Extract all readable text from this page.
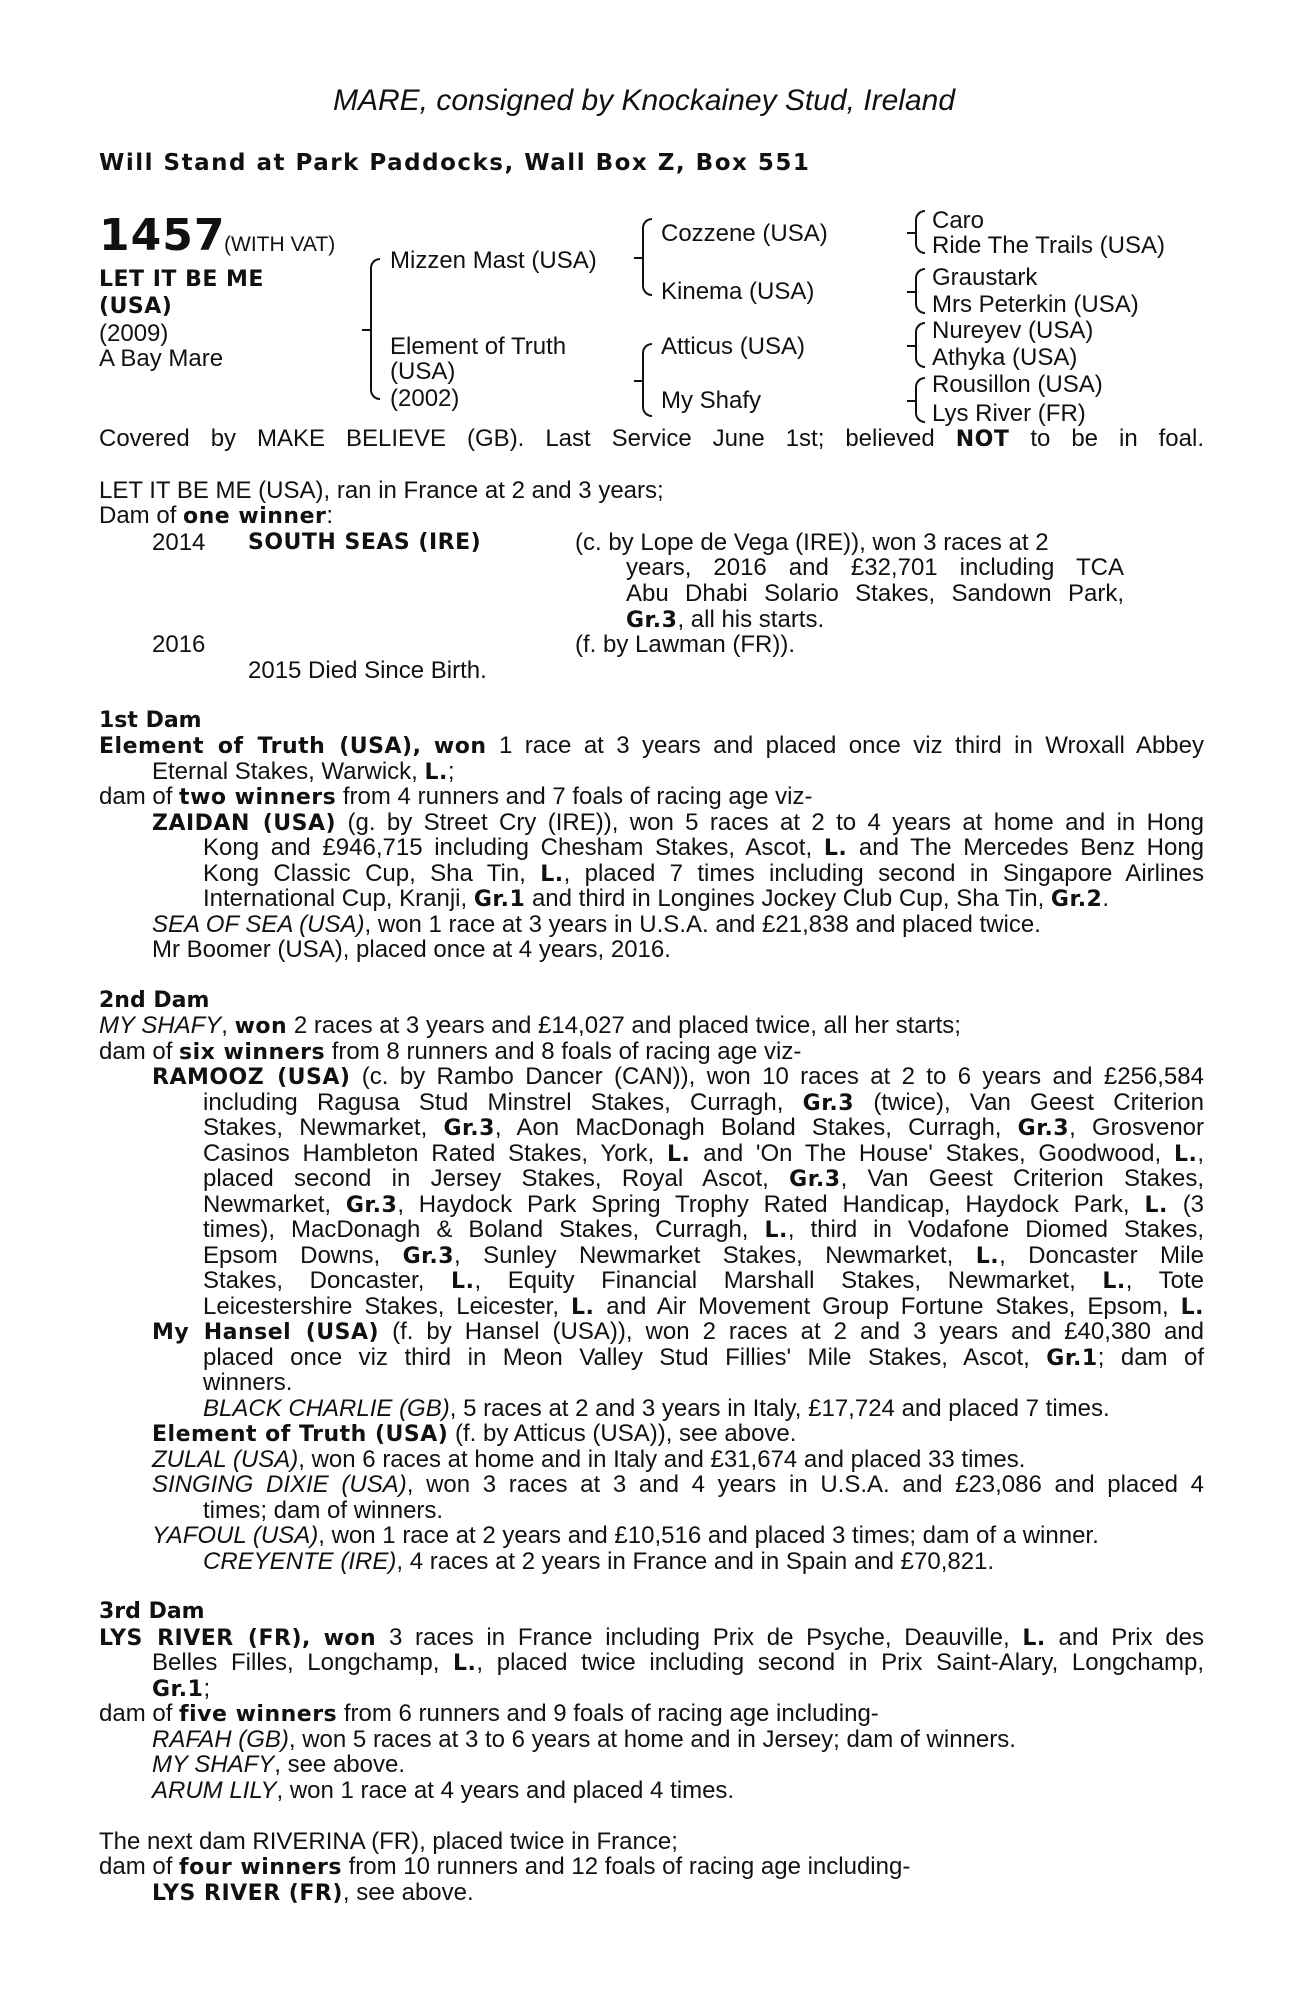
MARE, consigned by Knockainey Stud, Ireland
Will Stand at Park Paddocks, Wall Box Z, Box 551
1457
(WITH VAT)
LET IT BE ME
(USA)
(2009)
A Bay Mare
Mizzen Mast (USA)
Element of Truth
(USA)
(2002)
Cozzene (USA)
Kinema (USA)
Atticus (USA)
My Shafy
Caro
Ride The Trails (USA)
Graustark
Mrs Peterkin (USA)
Nureyev (USA)
Athyka (USA)
Rousillon (USA)
Lys River (FR)
Covered by MAKE BELIEVE (GB). Last Service June 1st; believed NOT to be in foal.
LET IT BE ME (USA), ran in France at 2 and 3 years;
Dam of one winner:
2014 SOUTH SEAS (IRE)	(c. by Lope de Vega (IRE)), won 3 races at 2
years, 2016 and £32,701 including TCA
Abu Dhabi Solario Stakes, Sandown Park,
Gr.3, all his starts.
2016	(f. by Lawman (FR)).
2015 Died Since Birth.
1st Dam
Element of Truth (USA), won 1 race at 3 years and placed once viz third in Wroxall Abbey
Eternal Stakes, Warwick, L.;
dam of two winners from 4 runners and 7 foals of racing age viz-
ZAIDAN (USA) (g. by Street Cry (IRE)), won 5 races at 2 to 4 years at home and in Hong
Kong and £946,715 including Chesham Stakes, Ascot, L. and The Mercedes Benz Hong
Kong Classic Cup, Sha Tin, L., placed 7 times including second in Singapore Airlines
International Cup, Kranji, Gr.1 and third in Longines Jockey Club Cup, Sha Tin, Gr.2.
SEA OF SEA (USA), won 1 race at 3 years in U.S.A. and £21,838 and placed twice.
Mr Boomer (USA), placed once at 4 years, 2016.
2nd Dam
MY SHAFY, won 2 races at 3 years and £14,027 and placed twice, all her starts;
dam of six winners from 8 runners and 8 foals of racing age viz-
RAMOOZ (USA) (c. by Rambo Dancer (CAN)), won 10 races at 2 to 6 years and £256,584
including Ragusa Stud Minstrel Stakes, Curragh, Gr.3 (twice), Van Geest Criterion
Stakes, Newmarket, Gr.3, Aon MacDonagh Boland Stakes, Curragh, Gr.3, Grosvenor
Casinos Hambleton Rated Stakes, York, L. and 'On The House' Stakes, Goodwood, L.,
placed second in Jersey Stakes, Royal Ascot, Gr.3, Van Geest Criterion Stakes,
Newmarket, Gr.3, Haydock Park Spring Trophy Rated Handicap, Haydock Park, L. (3
times), MacDonagh & Boland Stakes, Curragh, L., third in Vodafone Diomed Stakes,
Epsom Downs, Gr.3, Sunley Newmarket Stakes, Newmarket, L., Doncaster Mile
Stakes, Doncaster, L., Equity Financial Marshall Stakes, Newmarket, L., Tote
Leicestershire Stakes, Leicester, L. and Air Movement Group Fortune Stakes, Epsom, L.
My Hansel (USA) (f. by Hansel (USA)), won 2 races at 2 and 3 years and £40,380 and
placed once viz third in Meon Valley Stud Fillies' Mile Stakes, Ascot, Gr.1; dam of
winners.
BLACK CHARLIE (GB), 5 races at 2 and 3 years in Italy, £17,724 and placed 7 times.
Element of Truth (USA) (f. by Atticus (USA)), see above.
ZULAL (USA), won 6 races at home and in Italy and £31,674 and placed 33 times.
SINGING DIXIE (USA), won 3 races at 3 and 4 years in U.S.A. and £23,086 and placed 4
times; dam of winners.
YAFOUL (USA), won 1 race at 2 years and £10,516 and placed 3 times; dam of a winner.
CREYENTE (IRE), 4 races at 2 years in France and in Spain and £70,821.
3rd Dam
LYS RIVER (FR), won 3 races in France including Prix de Psyche, Deauville, L. and Prix des
Belles Filles, Longchamp, L., placed twice including second in Prix Saint-Alary, Longchamp,
Gr.1;
dam of five winners from 6 runners and 9 foals of racing age including-
RAFAH (GB), won 5 races at 3 to 6 years at home and in Jersey; dam of winners.
MY SHAFY, see above.
ARUM LILY, won 1 race at 4 years and placed 4 times.
The next dam RIVERINA (FR), placed twice in France;
dam of four winners from 10 runners and 12 foals of racing age including-
LYS RIVER (FR), see above.
